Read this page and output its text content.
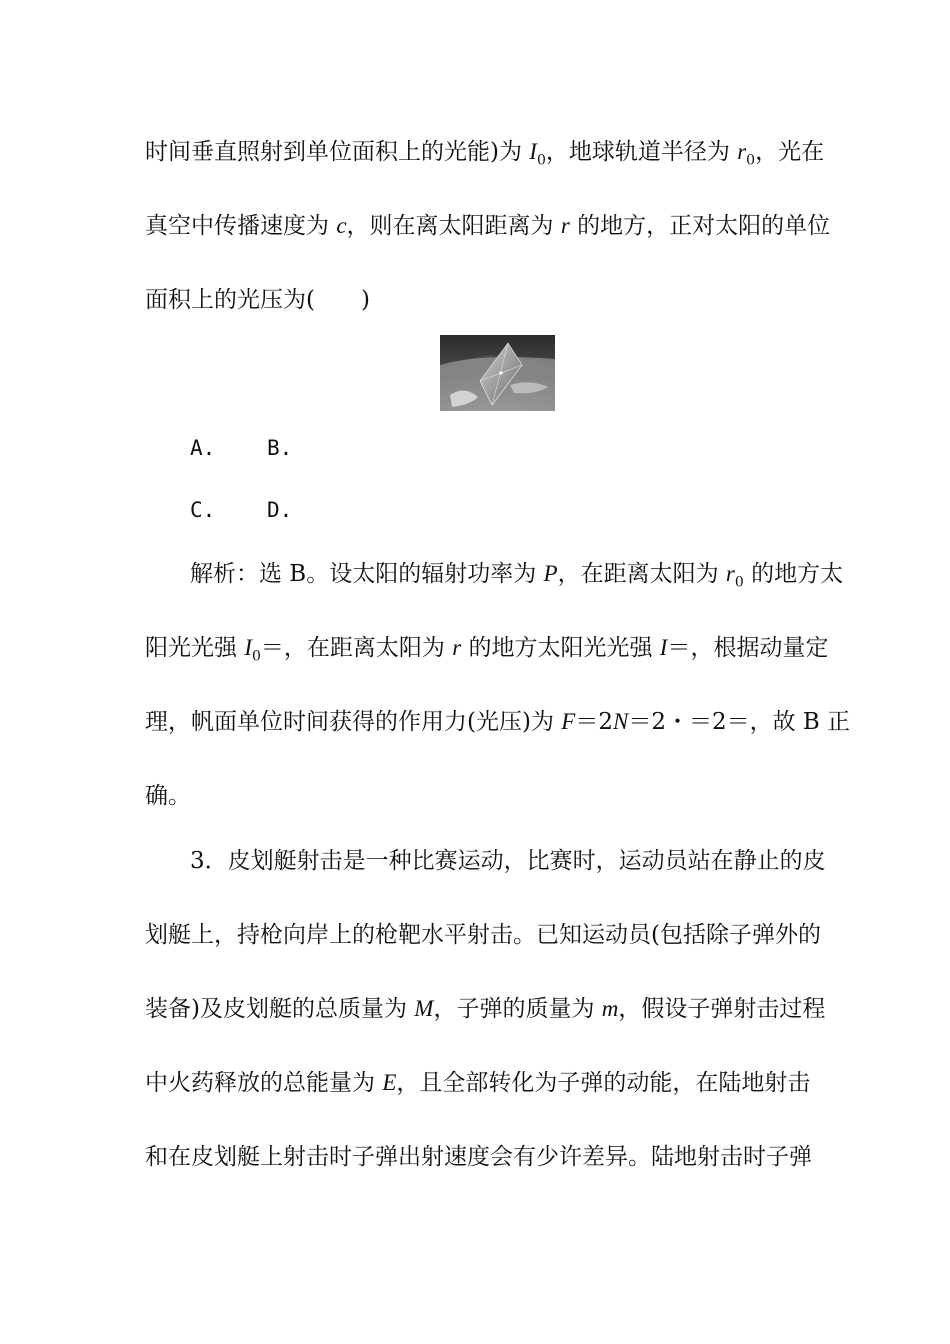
时间垂直照射到单位面积上的光能)为 $I_0$，地球轨道半径为 $r_0$，光在
真空中传播速度为 c，则在离太阳距离为 r 的地方，正对太阳的单位
面积上的光压为(　　)
A. B.
C. D.
解析：选 B。设太阳的辐射功率为 P，在距离太阳为 $r_0$ 的地方太
阳光光强 $I_0=$，在距离太阳为 r 的地方太阳光光强 I＝，根据动量定
理，帆面单位时间获得的作用力(光压)为 F＝2N＝2・＝2＝，故 B 正
确。
3．皮划艇射击是一种比赛运动，比赛时，运动员站在静止的皮
划艇上，持枪向岸上的枪靶水平射击。已知运动员(包括除子弹外的
装备)及皮划艇的总质量为 M，子弹的质量为 m，假设子弹射击过程
中火药释放的总能量为 E，且全部转化为子弹的动能，在陆地射击
和在皮划艇上射击时子弹出射速度会有少许差异。陆地射击时子弹
